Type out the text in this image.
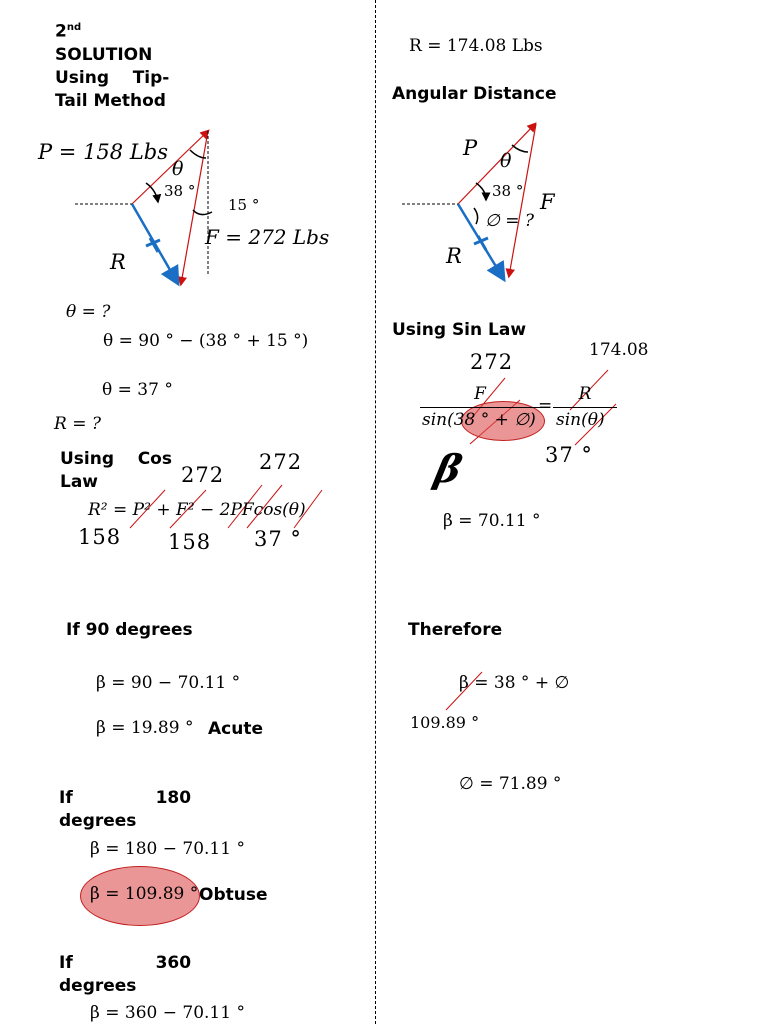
2nd
SOLUTION
Using    Tip-
Tail Method
P = 158 Lbs
θ
38 °
15 °
F = 272 Lbs
R
θ = ?
θ = 90 ° − (38 ° + 15 °)
θ = 37 °
R = ?
Using    Cos
Law	272
272
R² = P² + F² − 2PFcos(θ)
158 158 37 °
If 90 degrees
β = 90 − 70.11 °
β = 19.89 ° Acute
If              180
degrees
β = 180 − 70.11 °
β = 109.89 ° Obtuse
If              360
degrees
β = 360 − 70.11 °
R = 174.08 Lbs
Angular Distance
P
θ
38 ° F
∅ = ?
R
Using Sin Law
272	174.08
F
sin(38 ° + ∅)
=
R
sin(θ)
37 °
β
β = 70.11 °
Therefore
β = 38 ° + ∅
109.89 °
∅ = 71.89 °
